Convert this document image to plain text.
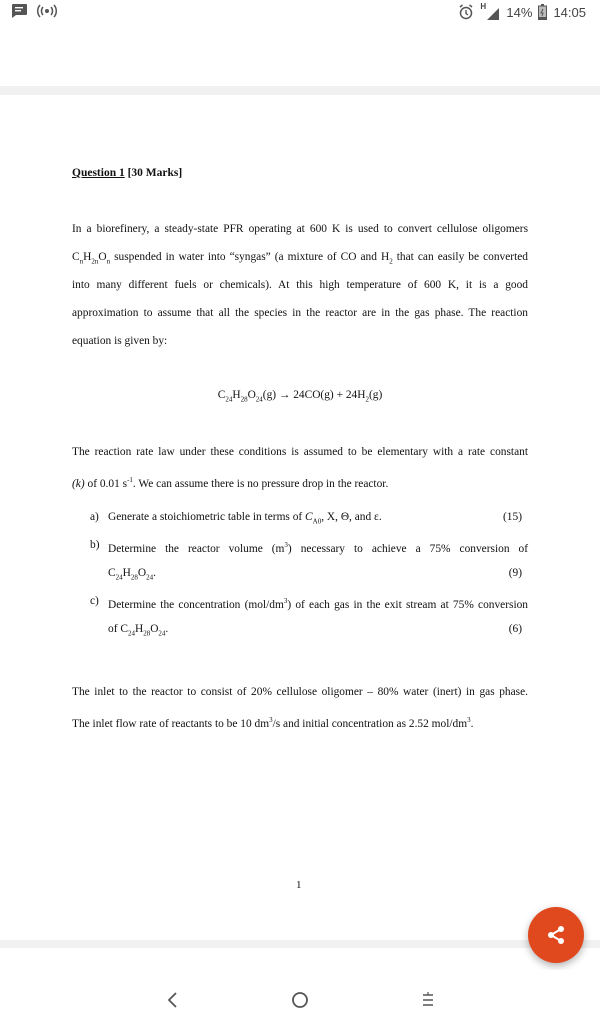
H 14% 14:05
Question 1 [30 Marks]
In a biorefinery, a steady-state PFR operating at 600 K is used to convert cellulose oligomers
$C_nH_{2n}O_n$ suspended in water into “syngas” (a mixture of CO and $H_2$ that can easily be converted
into many different fuels or chemicals). At this high temperature of 600 K, it is a good
approximation to assume that all the species in the reactor are in the gas phase. The reaction
equation is given by:
$C_{24}H_{28}O_{24}(g) \to 24CO(g) + 24H_2(g)$
The reaction rate law under these conditions is assumed to be elementary with a rate constant
(k) of 0.01 $s^{-1}$. We can assume there is no pressure drop in the reactor.
a) Generate a stoichiometric table in terms of $C_{A0}$, X, Θ, and ε.	(15)
b) Determine the reactor volume $(m^3)$ necessary to achieve a 75% conversion of
$C_{24}H_{28}O_{24}$.	(9)
c) Determine the concentration $(mol/dm^3)$ of each gas in the exit stream at 75% conversion
of $C_{24}H_{28}O_{24}$.	(6)
The inlet to the reactor to consist of 20% cellulose oligomer – 80% water (inert) in gas phase.
The inlet flow rate of reactants to be 10 $dm^3/s$ and initial concentration as 2.52 mol/$dm^3$.
1
